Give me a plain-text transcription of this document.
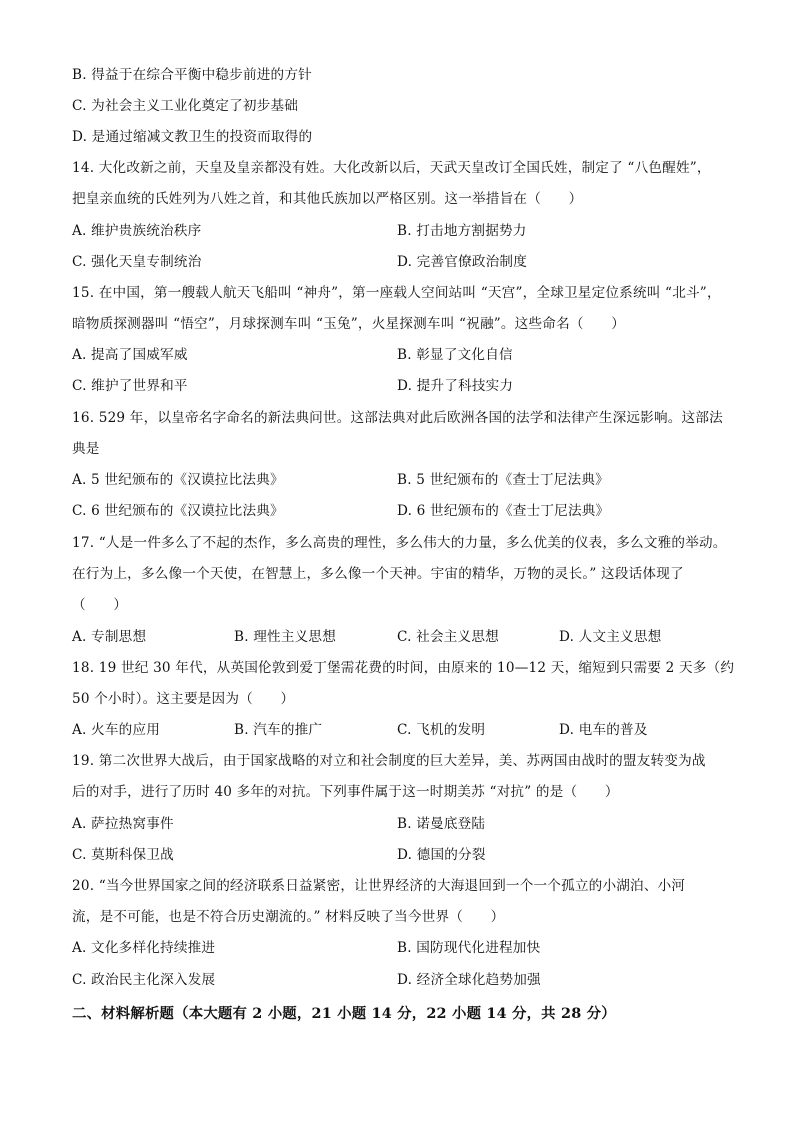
B. 得益于在综合平衡中稳步前进的方针
C. 为社会主义工业化奠定了初步基础
D. 是通过缩减文教卫生的投资而取得的
14. 大化改新之前，天皇及皇亲都没有姓。大化改新以后，天武天皇改订全国氏姓，制定了 “八色醒姓”，
把皇亲血统的氏姓列为八姓之首，和其他氏族加以严格区别。这一举措旨在（　　）
A. 维护贵族统治秩序	B. 打击地方割据势力
C. 强化天皇专制统治	D. 完善官僚政治制度
15. 在中国，第一艘载人航天飞船叫 “神舟”，第一座载人空间站叫 “天宫”，全球卫星定位系统叫 “北斗”，
暗物质探测器叫 “悟空”，月球探测车叫 “玉兔”，火星探测车叫 “祝融”。这些命名（　　）
A. 提高了国威军威	B. 彰显了文化自信
C. 维护了世界和平	D. 提升了科技实力
16. 529 年，以皇帝名字命名的新法典问世。这部法典对此后欧洲各国的法学和法律产生深远影响。这部法
典是
A. 5 世纪颁布的《汉谟拉比法典》	B. 5 世纪颁布的《查士丁尼法典》
C. 6 世纪颁布的《汉谟拉比法典》	D. 6 世纪颁布的《查士丁尼法典》
17. “人是一件多么了不起的杰作，多么高贵的理性，多么伟大的力量，多么优美的仪表，多么文雅的举动。
在行为上，多么像一个天使，在智慧上，多么像一个天神。宇宙的精华，万物的灵长。” 这段话体现了
（　　）
A. 专制思想	B. 理性主义思想	C. 社会主义思想	D. 人文主义思想
18. 19 世纪 30 年代，从英国伦敦到爱丁堡需花费的时间，由原来的 10—12 天，缩短到只需要 2 天多（约
50 个小时）。这主要是因为（　　）
A. 火车的应用	B. 汽车的推广	C. 飞机的发明	D. 电车的普及
19. 第二次世界大战后，由于国家战略的对立和社会制度的巨大差异，美、苏两国由战时的盟友转变为战
后的对手，进行了历时 40 多年的对抗。下列事件属于这一时期美苏 “对抗” 的是（　　）
A. 萨拉热窝事件	B. 诺曼底登陆
C. 莫斯科保卫战	D. 德国的分裂
20. “当今世界国家之间的经济联系日益紧密，让世界经济的大海退回到一个一个孤立的小湖泊、小河
流，是不可能，也是不符合历史潮流的。” 材料反映了当今世界（　　）
A. 文化多样化持续推进	B. 国防现代化进程加快
C. 政治民主化深入发展	D. 经济全球化趋势加强
二、材料解析题（本大题有 2 小题，21 小题 14 分，22 小题 14 分，共 28 分）
